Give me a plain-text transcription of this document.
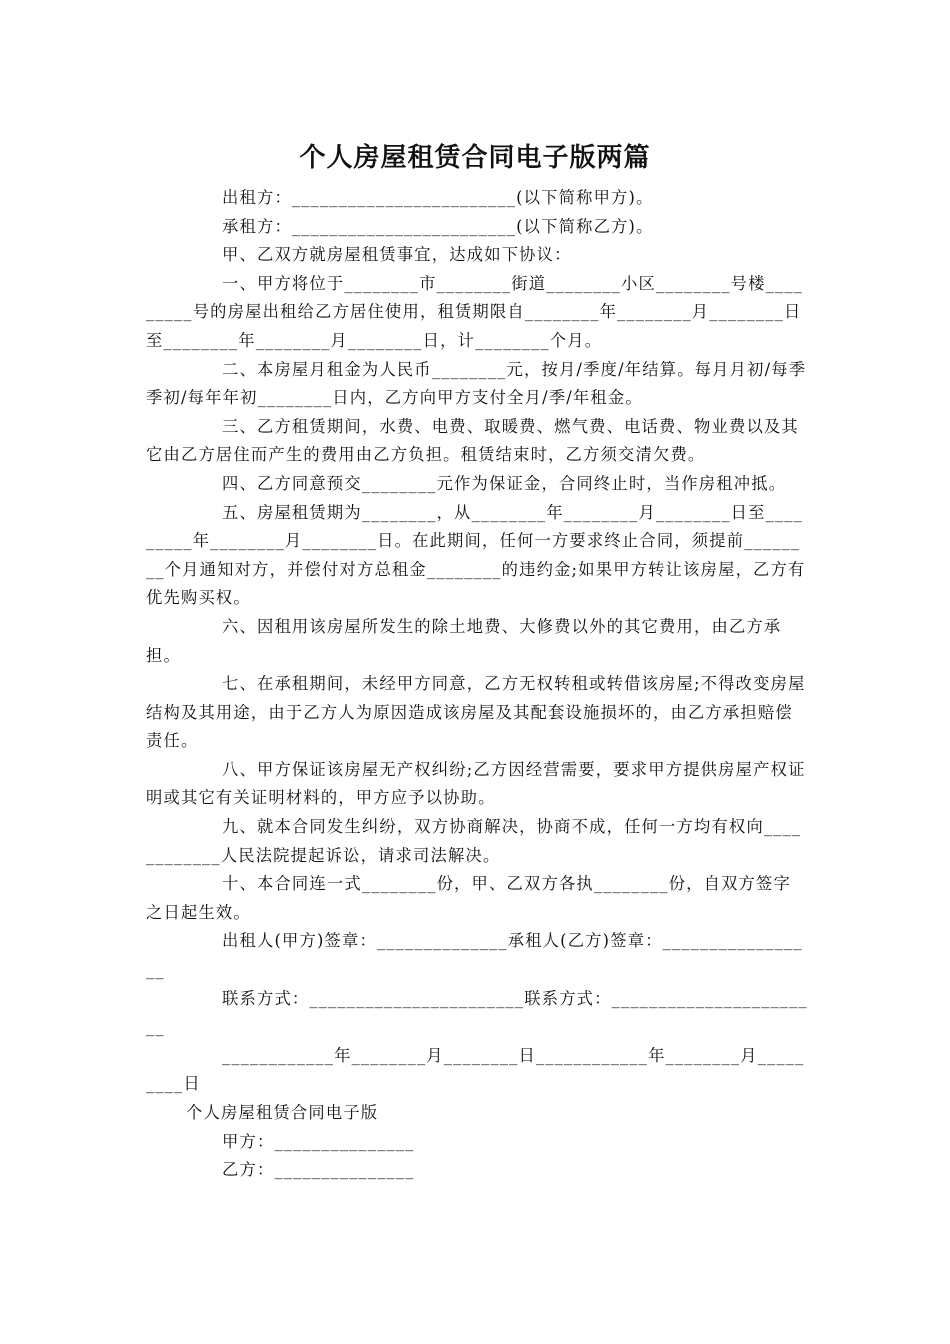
个人房屋租赁合同电子版两篇

出租方：________________________(以下简称甲方)。

承租方：________________________(以下简称乙方)。

甲、乙双方就房屋租赁事宜，达成如下协议：

一、甲方将位于________市________街道________小区________号楼_________号的房屋出租给乙方居住使用，租赁期限自________年________月________日至________年________月________日，计________个月。

二、本房屋月租金为人民币________元，按月/季度/年结算。每月月初/每季季初/每年年初________日内，乙方向甲方支付全月/季/年租金。

三、乙方租赁期间，水费、电费、取暖费、燃气费、电话费、物业费以及其它由乙方居住而产生的费用由乙方负担。租赁结束时，乙方须交清欠费。

四、乙方同意预交________元作为保证金，合同终止时，当作房租冲抵。

五、房屋租赁期为________，从________年________月________日至_________年________月________日。在此期间，任何一方要求终止合同，须提前________个月通知对方，并偿付对方总租金________的违约金;如果甲方转让该房屋，乙方有优先购买权。

六、因租用该房屋所发生的除土地费、大修费以外的其它费用，由乙方承担。

七、在承租期间，未经甲方同意，乙方无权转租或转借该房屋;不得改变房屋结构及其用途，由于乙方人为原因造成该房屋及其配套设施损坏的，由乙方承担赔偿责任。

八、甲方保证该房屋无产权纠纷;乙方因经营需要，要求甲方提供房屋产权证明或其它有关证明材料的，甲方应予以协助。

九、就本合同发生纠纷，双方协商解决，协商不成，任何一方均有权向____________人民法院提起诉讼，请求司法解决。

十、本合同连一式________份，甲、乙双方各执________份，自双方签字之日起生效。

出租人(甲方)签章：______________承租人(乙方)签章：_________________

联系方式：_______________________联系方式：_______________________

____________年________月________日____________年________月_________日

个人房屋租赁合同电子版

甲方：_______________

乙方：_______________
